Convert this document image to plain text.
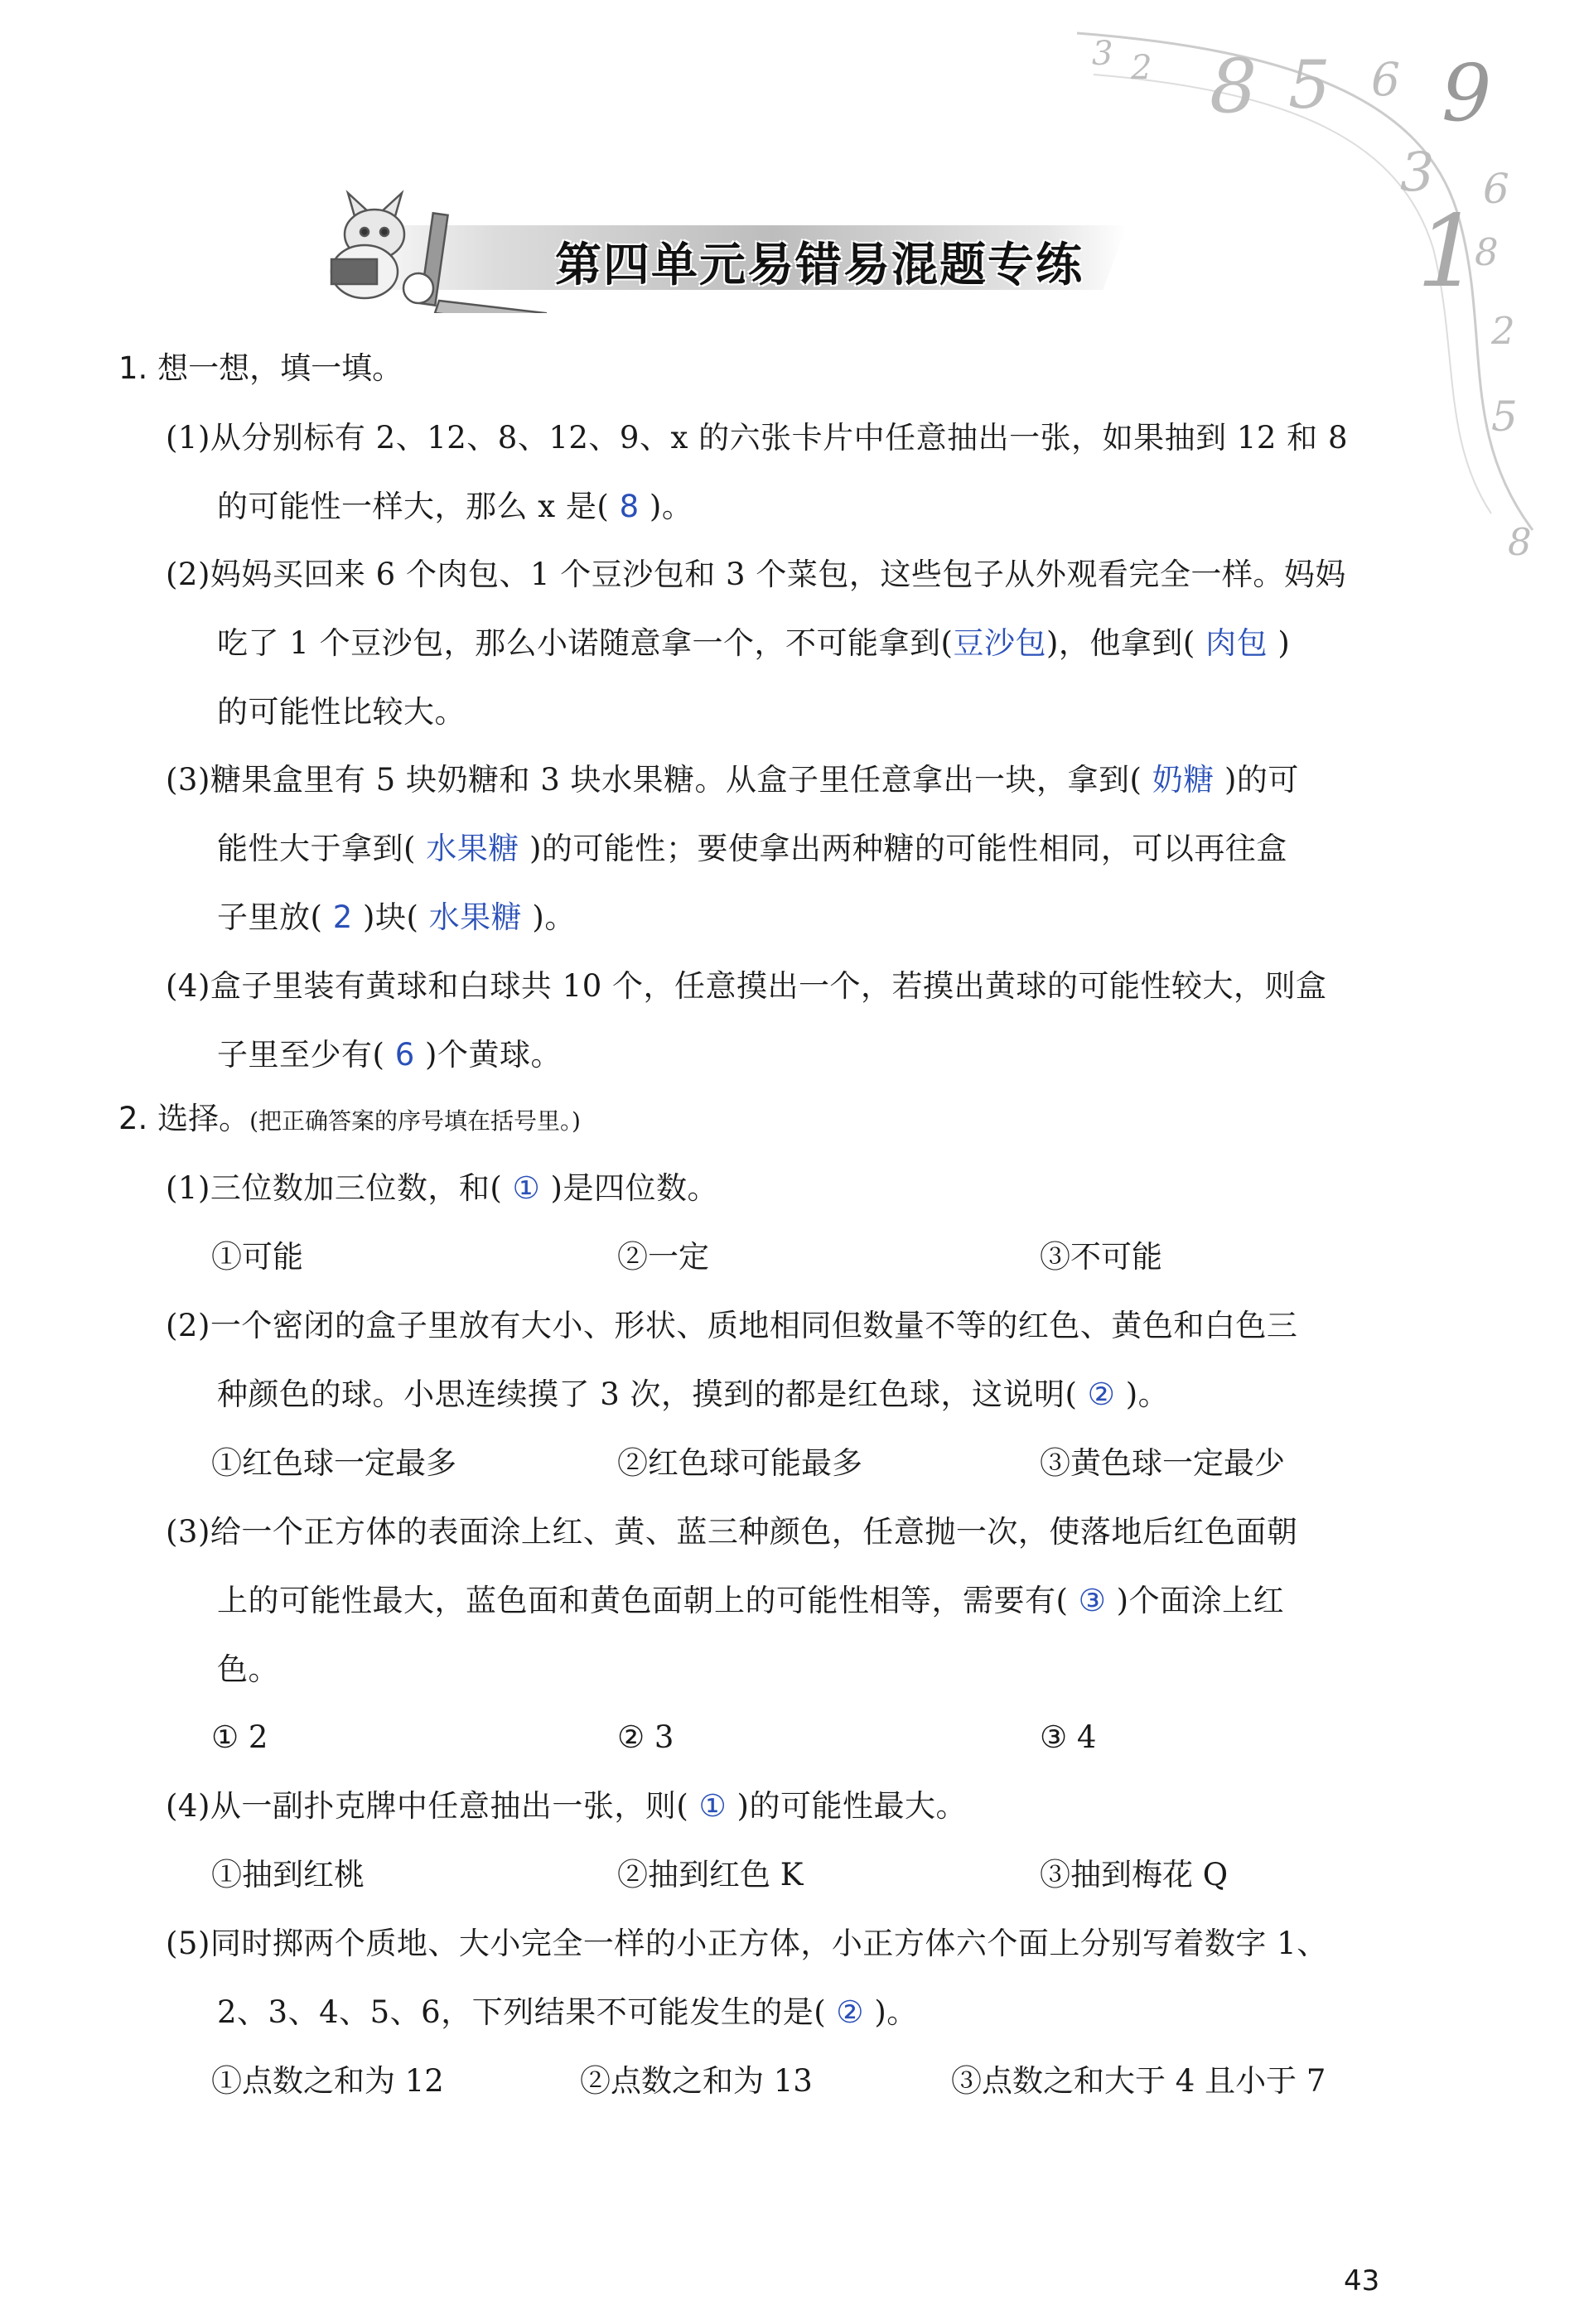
3 2 8 5 6 9
3 6
1
8
2
5
8
第四单元易错易混题专练
1. 想一想，填一填。
(1)从分别标有 2、12、8、12、9、x 的六张卡片中任意抽出一张，如果抽到 12 和 8
的可能性一样大，那么 x 是( 8 )。
(2)妈妈买回来 6 个肉包、1 个豆沙包和 3 个菜包，这些包子从外观看完全一样。妈妈
吃了 1 个豆沙包，那么小诺随意拿一个，不可能拿到(豆沙包)，他拿到( 肉包 )
的可能性比较大。
(3)糖果盒里有 5 块奶糖和 3 块水果糖。从盒子里任意拿出一块，拿到( 奶糖 )的可
能性大于拿到( 水果糖 )的可能性；要使拿出两种糖的可能性相同，可以再往盒
子里放( 2 )块( 水果糖 )。
(4)盒子里装有黄球和白球共 10 个，任意摸出一个，若摸出黄球的可能性较大，则盒
子里至少有( 6 )个黄球。
2. 选择。(把正确答案的序号填在括号里。)
(1)三位数加三位数，和( ① )是四位数。
①可能	②一定	③不可能
(2)一个密闭的盒子里放有大小、形状、质地相同但数量不等的红色、黄色和白色三
种颜色的球。小思连续摸了 3 次，摸到的都是红色球，这说明( ② )。
①红色球一定最多	②红色球可能最多	③黄色球一定最少
(3)给一个正方体的表面涂上红、黄、蓝三种颜色，任意抛一次，使落地后红色面朝
上的可能性最大，蓝色面和黄色面朝上的可能性相等，需要有( ③ )个面涂上红
色。
① 2	② 3	③ 4
(4)从一副扑克牌中任意抽出一张，则( ① )的可能性最大。
①抽到红桃	②抽到红色 K	③抽到梅花 Q
(5)同时掷两个质地、大小完全一样的小正方体，小正方体六个面上分别写着数字 1、
2、3、4、5、6，下列结果不可能发生的是( ② )。
①点数之和为 12	②点数之和为 13	③点数之和大于 4 且小于 7
43
